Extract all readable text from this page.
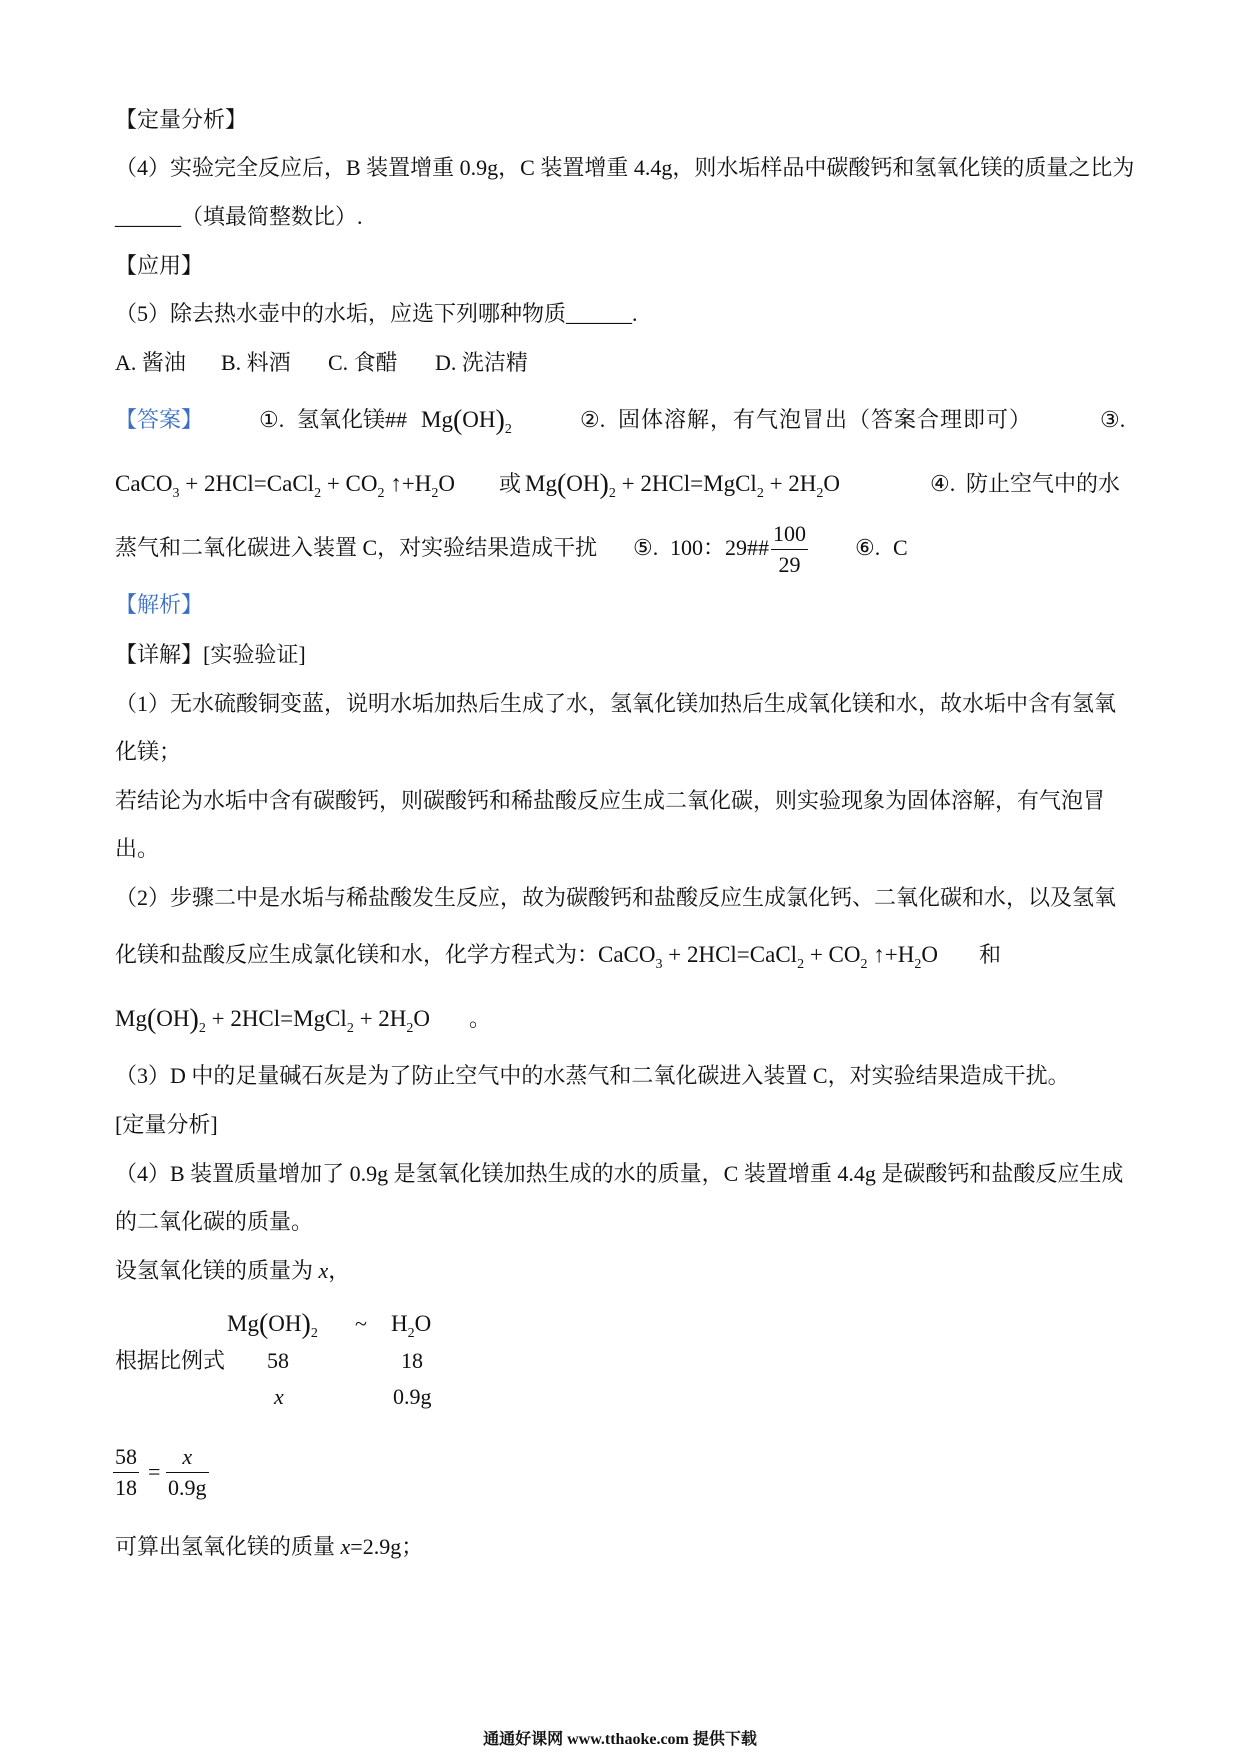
【定量分析】
（4）实验完全反应后，B 装置增重 0.9g，C 装置增重 4.4g，则水垢样品中碳酸钙和氢氧化镁的质量之比为
______（填最简整数比）.
【应用】
（5）除去热水壶中的水垢，应选下列哪种物质______.
A. 酱油 B. 料酒 C. 食醋 D. 洗洁精
【答案】	①. 氢氧化镁## $Mg(OH)_2$	②. 固体溶解，有气泡冒出（答案合理即可）	③.
CaCO$_3$ + 2HCl=CaCl$_2$ + $CO_2$ $↑+H_2O$ 或 $Mg(OH)_2$ + 2HCl=MgCl$_2$ + $2H_2O$	④. 防止空气中的水
蒸气和二氧化碳进入装置 C，对实验结果造成干扰 ⑤. 100：29##
100
29
⑥. C
【解析】
【详解】[实验验证]
（1）无水硫酸铜变蓝，说明水垢加热后生成了水，氢氧化镁加热后生成氧化镁和水，故水垢中含有氢氧
化镁；
若结论为水垢中含有碳酸钙，则碳酸钙和稀盐酸反应生成二氧化碳，则实验现象为固体溶解，有气泡冒
出。
（2）步骤二中是水垢与稀盐酸发生反应，故为碳酸钙和盐酸反应生成氯化钙、二氧化碳和水，以及氢氧
化镁和盐酸反应生成氯化镁和水，化学方程式为：
CaCO$_3$ + 2HCl=CaCl$_2$ + $CO_2$ $↑+H_2O$ 和
$Mg(OH)_2$ + 2HCl=MgCl$_2$ + $2H_2O$ 。
（3）D 中的足量碱石灰是为了防止空气中的水蒸气和二氧化碳进入装置 C，对实验结果造成干扰。
[定量分析]
（4）B 装置质量增加了 0.9g 是氢氧化镁加热生成的水的质量，C 装置增重 4.4g 是碳酸钙和盐酸反应生成
的二氧化碳的质量。
设氢氧化镁的质量为 x，
$Mg(OH)_2$ ~ $H_2O$
根据比例式 58	18
x	0.9g
58
18
=
x
0.9g
可算出氢氧化镁的质量 x=2.9g；
通通好课网 www.tthaoke.com 提供下载
